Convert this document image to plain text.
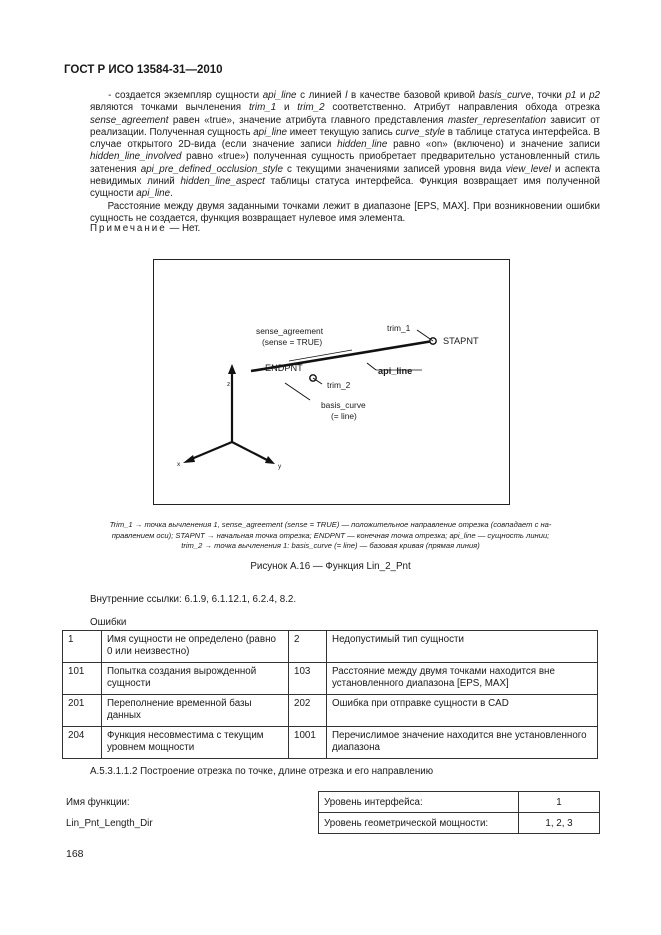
ГОСТ Р ИСО 13584-31—2010

- создается экземпляр сущности api_line с линией l в качестве базовой кривой basis_curve, точки p1 и p2 являются точками вычленения trim_1 и trim_2 соответственно. Атрибут направления обхода отрезка sense_agreement равен «true», значение атрибута главного представления master_representation зависит от реализации. Полученная сущность api_line имеет текущую запись curve_style в таблице статуса интерфейса. В случае открытого 2D-вида (если значение записи hidden_line равно «on» (включено) и значение записи hidden_line_involved равно «true») полученная сущность приобретает предварительно установленный стиль затенения api_pre_defined_occlusion_style с текущими значениями записей уровня вида view_level и аспекта невидимых линий hidden_line_aspect таблицы статуса интерфейса. Функция возвращает имя полученной сущности api_line.

Расстояние между двумя заданными точками лежит в диапазоне [EPS, MAX]. При возникновении ошибки сущность не создается, функция возвращает нулевое имя элемента.

Примечание — Нет.
sense_agreement
(sense = TRUE)
trim_1
STAPNT
ENDPNT	api_line
trim_2
basis_curve
(= line)
z
x	y
Trim_1 → точка вычленения 1, sense_agreement (sense = TRUE) — положительное направление отрезка (совпадает с на-
правлением оси); STAPNT → начальная точка отрезка; ENDPNT — конечная точка отрезка; api_line — сущность линии;
trim_2 → точка вычленения 1: basis_curve (= line) — базовая кривая (прямая линия)
Рисунок А.16 — Функция Lin_2_Pnt
Внутренние ссылки: 6.1.9, 6.1.12.1, 6.2.4, 8.2.
Ошибки
1	Имя сущности не определено (равно 0 или неизвестно)	2	Недопустимый тип сущности
101	Попытка создания вырожденной сущности	103	Расстояние между двумя точками находится вне установленного диапазона [EPS, MAX]
201	Переполнение временной базы данных	202	Ошибка при отправке сущности в CAD
204	Функция несовместима с текущим уровнем мощности	1001	Перечислимое значение находится вне установленного диапазона
А.5.3.1.1.2 Построение отрезка по точке, длине отрезка и его направлению
Имя функции:
Lin_Pnt_Length_Dir
Уровень интерфейса:	1
Уровень геометрической мощности:	1, 2, 3
168
